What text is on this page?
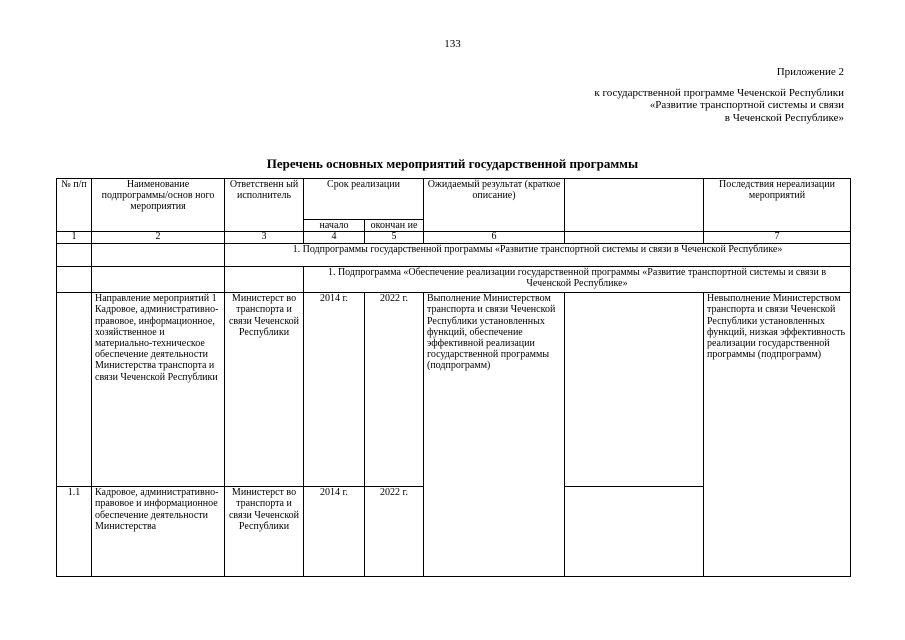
133
Приложение 2
к государственной программе Чеченской Республики
«Развитие транспортной системы и связи
в Чеченской Республике»
Перечень основных мероприятий государственной программы
№ п/п	Наименование подпрограммы/основ ного мероприятия	Ответственн ый исполнитель	Срок реализации		Ожидаемый результат (краткое описание)		Последствия нереализации мероприятий
			начало	окончан ие			
1	2	3	4	5	6		7
		1. Подпрограммы государственной программы «Развитие транспортной системы и связи в Чеченской Республике»					
			1. Подпрограмма «Обеспечение реализации государственной программы «Развитие транспортной системы и связи в Чеченской Республике»				
	Направление мероприятий 1 Кадровое, административно-правовое, информационное, хозяйственное и материально-техническое обеспечение деятельности Министерства транспорта и связи Чеченской Республики	Министерст во транспорта и связи Чеченской Республики	2014 г.	2022 г.	Выполнение Министерством транспорта и связи Чеченской Республики установленных функций, обеспечение эффективной реализации государственной программы (подпрограмм)		Невыполнение Министерством транспорта и связи Чеченской Республики установленных функций, низкая эффективность реализации государственной программы (подпрограмм)
1.1	Кадровое, административно-правовое и информационное обеспечение деятельности Министерства	Министерст во транспорта и связи Чеченской Республики	2014 г.	2022 г.			
